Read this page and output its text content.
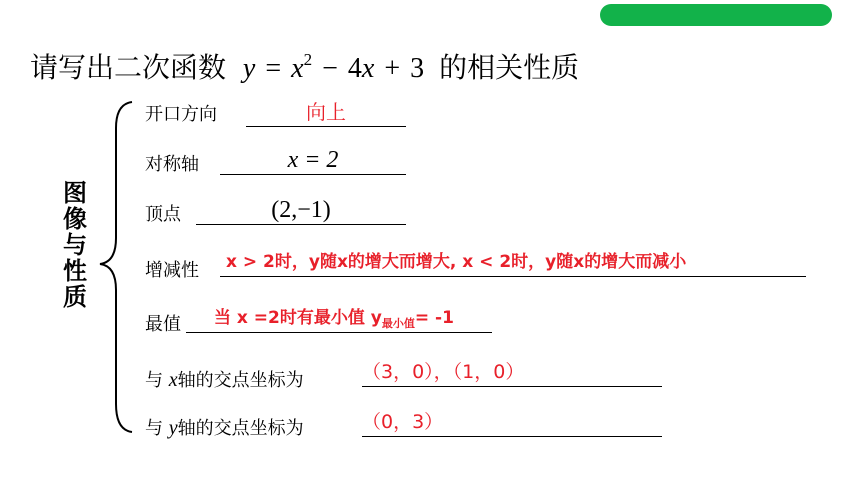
请写出二次函数 $y = x^2 - 4x + 3$ 的相关性质
图
像
与
性
质
开口方向	向上
对称轴	x = 2
顶点	(2,−1)
增减性	x > 2时，y随x的增大而增大, x < 2时，y随x的增大而减小
最值	当 x =2时有最小值 $y_{最小值}= -1$
与 x轴的交点坐标为	（3，0），（1，0）
与 y轴的交点坐标为	（0，3）
